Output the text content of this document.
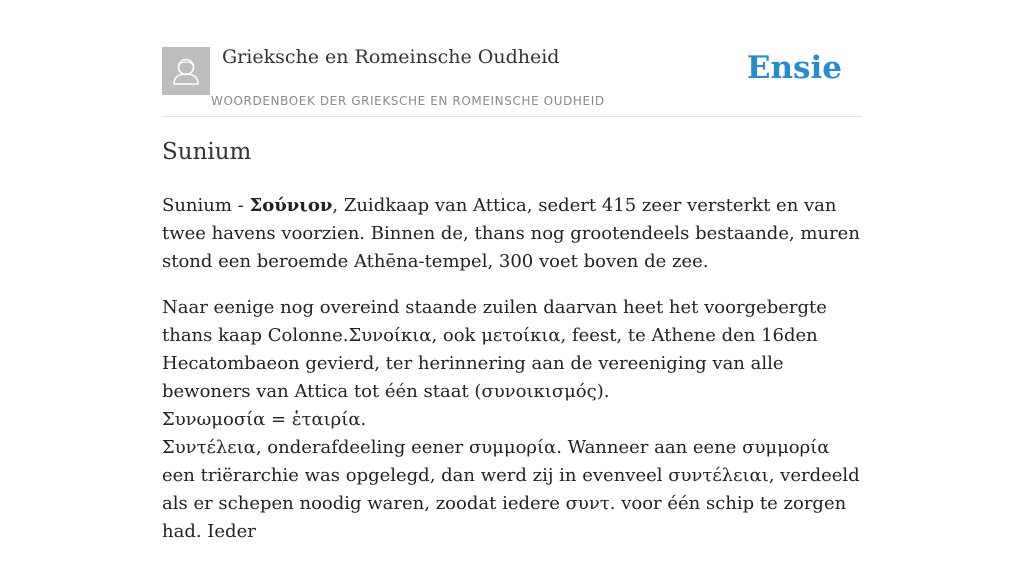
Grieksche en Romeinsche Oudheid
WOORDENBOEK DER GRIEKSCHE EN ROMEINSCHE OUDHEID
Ensie
Sunium

Sunium - Σούνιον, Zuidkaap van Attica, sedert 415 zeer versterkt en van twee havens voorzien. Binnen de, thans nog grootendeels bestaande, muren stond een beroemde Athēna-tempel, 300 voet boven de zee.

Naar eenige nog overeind staande zuilen daarvan heet het voorgebergte thans kaap Colonne.Συνοίκια, ook μετοίκια, feest, te Athene den 16den Hecatombaeon gevierd, ter herinnering aan de vereeniging van alle bewoners van Attica tot één staat (συνοικισμός).
Συνωμοσία = ἑταιρία.
Συντέλεια, onderafdeeling eener συμμορία. Wanneer aan eene συμμορία een triërarchie was opgelegd, dan werd zij in evenveel συντέλειαι, verdeeld als er schepen noodig waren, zoodat iedere συντ. voor één schip te zorgen had. Ieder
